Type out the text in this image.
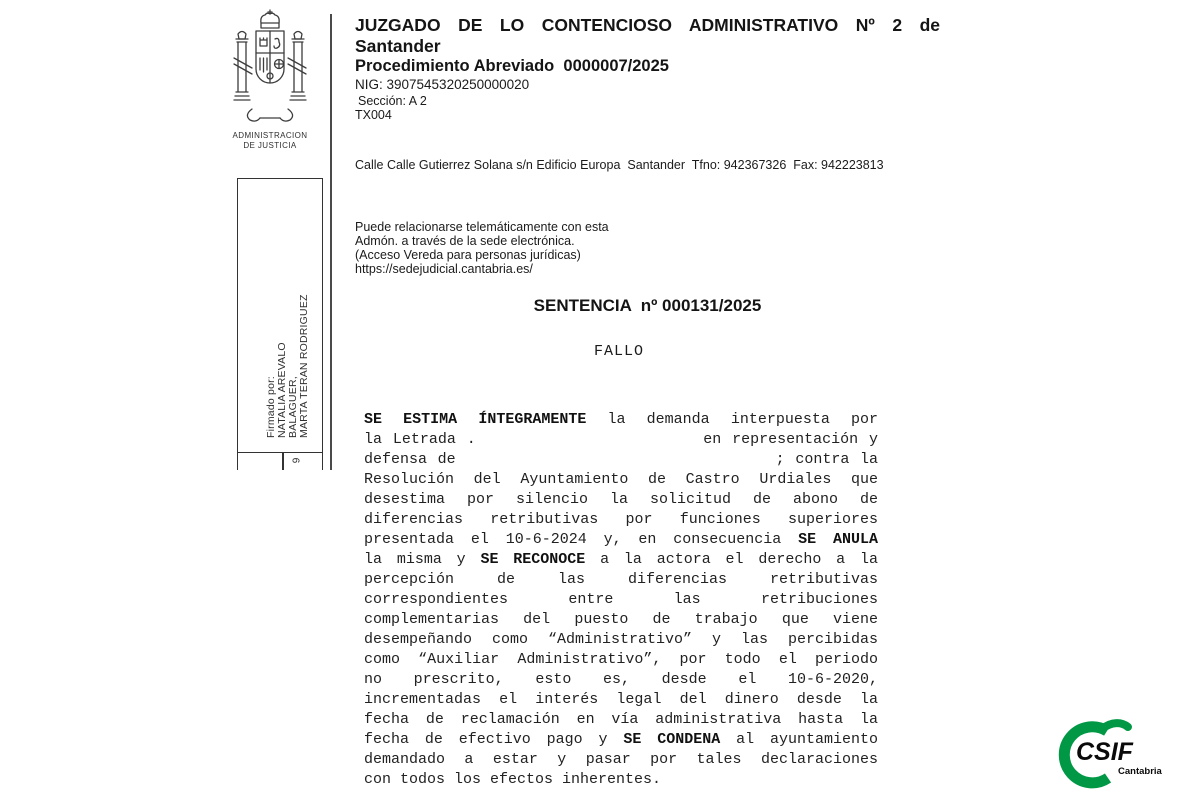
ADMINISTRACION
DE JUSTICIA
Firmado por: NATALIA AREVALO BALAGUER, MARTA TERAN RODRIGUEZ
9
JUZGADO DE LO CONTENCIOSO ADMINISTRATIVO Nº 2 de
Santander
Procedimiento Abreviado  0000007/2025
NIG: 3907545320250000020
Sección: A 2
TX004
Calle Calle Gutierrez Solana s/n Edificio Europa  Santander  Tfno: 942367326  Fax: 942223813
Puede relacionarse telemáticamente con esta
Admón. a través de la sede electrónica.
(Acceso Vereda para personas jurídicas)
https://sedejudicial.cantabria.es/
SENTENCIA  nº 000131/2025
FALLO
SE ESTIMA ÍNTEGRAMENTE la demanda interpuesta por
la Letrada .                     en representación y
defensa de                              ; contra la
Resolución del Ayuntamiento de Castro Urdiales que
desestima por silencio la solicitud de abono de
diferencias retributivas por funciones superiores
presentada el 10-6-2024 y, en consecuencia SE ANULA
la misma y SE RECONOCE a la actora el derecho a la
percepción de las diferencias retributivas
correspondientes entre las retribuciones
complementarias del puesto de trabajo que viene
desempeñando como “Administrativo” y las percibidas
como “Auxiliar Administrativo”, por todo el periodo
no prescrito, esto es, desde el 10-6-2020,
incrementadas el interés legal del dinero desde la
fecha de reclamación en vía administrativa hasta la
fecha de efectivo pago y SE CONDENA al ayuntamiento
demandado a estar y pasar por tales declaraciones
con todos los efectos inherentes.
CSIF
Cantabria
